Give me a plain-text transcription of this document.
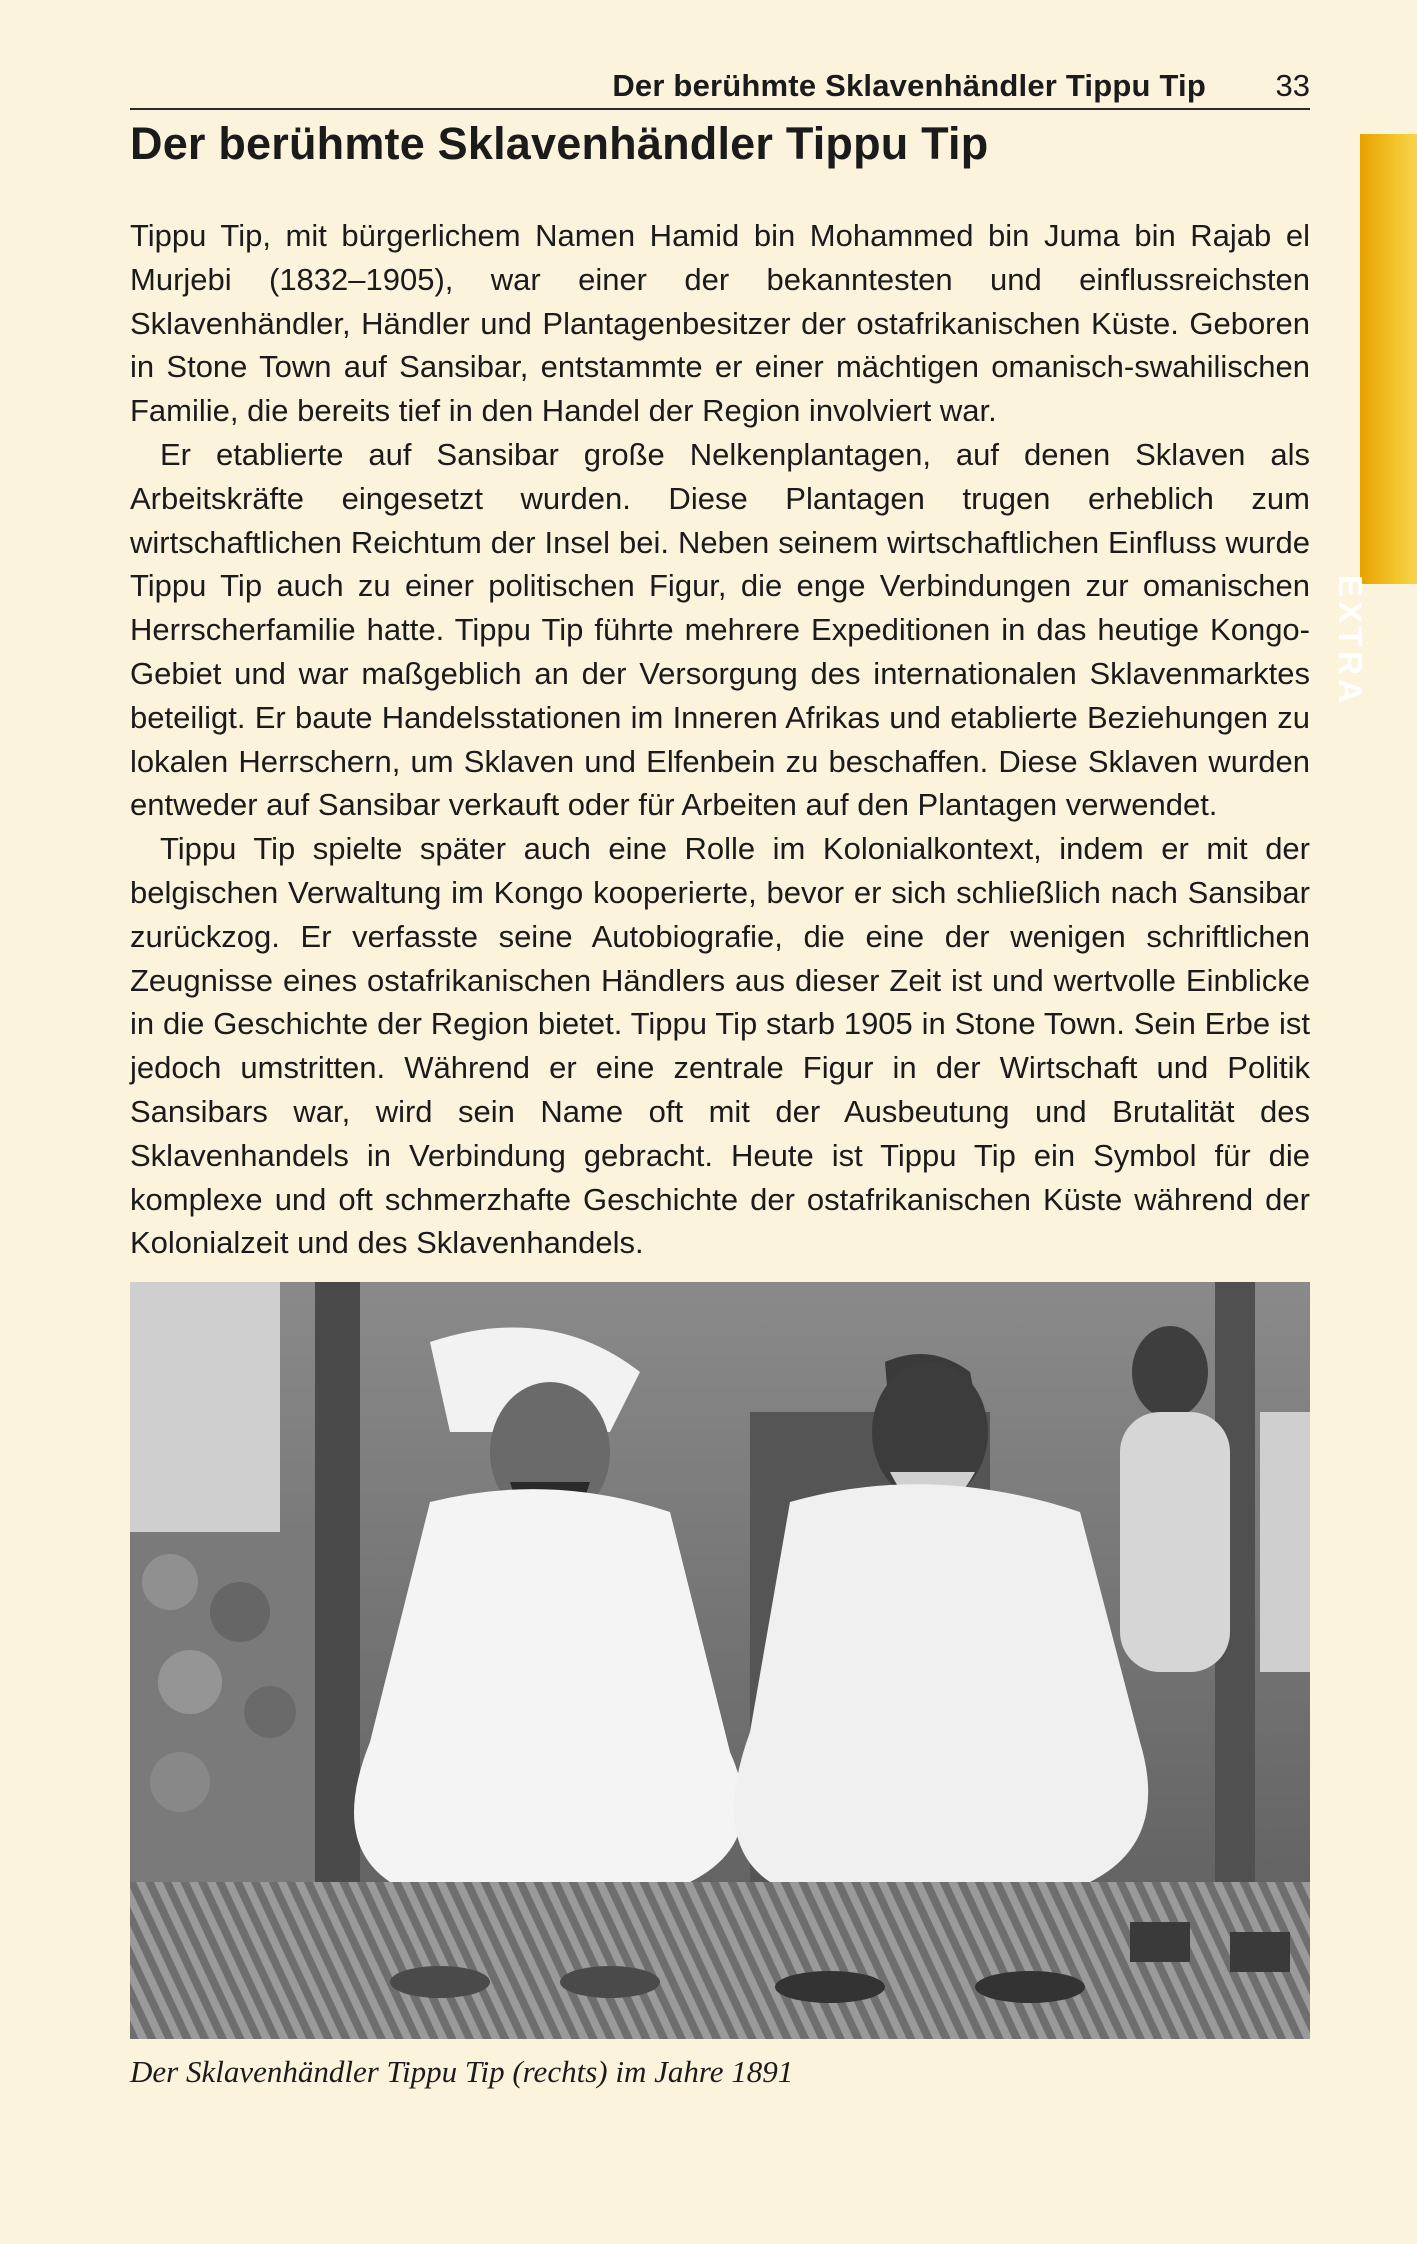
Der berühmte Sklavenhändler Tippu Tip 33
Der berühmte Sklavenhändler Tippu Tip
EXTRA

Tippu Tip, mit bürgerlichem Namen Hamid bin Mohammed bin Juma bin Rajab el Murjebi (1832–1905), war einer der bekanntesten und einflussreichsten Sklavenhändler, Händler und Plantagenbesitzer der ostafrikanischen Küste. Geboren in Stone Town auf Sansibar, entstammte er einer mächtigen omanisch-swahilischen Familie, die bereits tief in den Handel der Region involviert war.

Er etablierte auf Sansibar große Nelkenplantagen, auf denen Sklaven als Arbeitskräfte eingesetzt wurden. Diese Plantagen trugen erheblich zum wirtschaftlichen Reichtum der Insel bei. Neben seinem wirtschaftlichen Einfluss wurde Tippu Tip auch zu einer politischen Figur, die enge Verbindungen zur omanischen Herrscherfamilie hatte. Tippu Tip führte mehrere Expeditionen in das heutige Kongo-Gebiet und war maßgeblich an der Versorgung des internationalen Sklavenmarktes beteiligt. Er baute Handelsstationen im Inneren Afrikas und etablierte Beziehungen zu lokalen Herrschern, um Sklaven und Elfenbein zu beschaffen. Diese Sklaven wurden entweder auf Sansibar verkauft oder für Arbeiten auf den Plantagen verwendet.

Tippu Tip spielte später auch eine Rolle im Kolonialkontext, indem er mit der belgischen Verwaltung im Kongo kooperierte, bevor er sich schließlich nach Sansibar zurückzog. Er verfasste seine Autobiografie, die eine der wenigen schriftlichen Zeugnisse eines ostafrikanischen Händlers aus dieser Zeit ist und wertvolle Einblicke in die Geschichte der Region bietet. Tippu Tip starb 1905 in Stone Town. Sein Erbe ist jedoch umstritten. Während er eine zentrale Figur in der Wirtschaft und Politik Sansibars war, wird sein Name oft mit der Ausbeutung und Brutalität des Sklavenhandels in Verbindung gebracht. Heute ist Tippu Tip ein Symbol für die komplexe und oft schmerzhafte Geschichte der ostafrikanischen Küste während der Kolonialzeit und des Sklavenhandels.

Der Sklavenhändler Tippu Tip (rechts) im Jahre 1891
